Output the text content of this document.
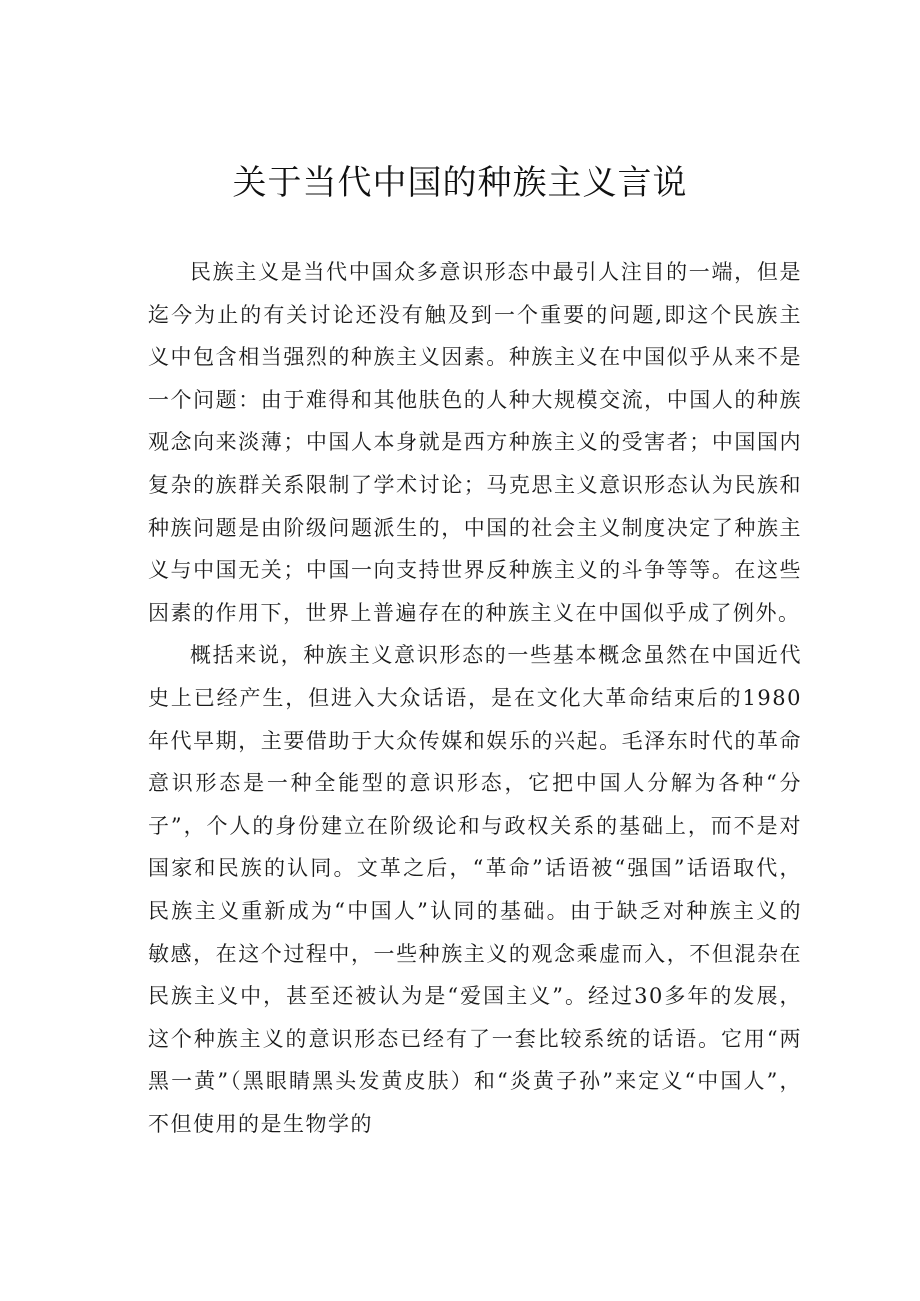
关于当代中国的种族主义言说

民族主义是当代中国众多意识形态中最引人注目的一端，但是迄今为止的有关讨论还没有触及到一个重要的问题,即这个民族主义中包含相当强烈的种族主义因素。种族主义在中国似乎从来不是一个问题：由于难得和其他肤色的人种大规模交流，中国人的种族观念向来淡薄；中国人本身就是西方种族主义的受害者；中国国内复杂的族群关系限制了学术讨论；马克思主义意识形态认为民族和种族问题是由阶级问题派生的，中国的社会主义制度决定了种族主义与中国无关；中国一向支持世界反种族主义的斗争等等。在这些因素的作用下，世界上普遍存在的种族主义在中国似乎成了例外。

概括来说，种族主义意识形态的一些基本概念虽然在中国近代史上已经产生，但进入大众话语，是在文化大革命结束后的1980年代早期，主要借助于大众传媒和娱乐的兴起。毛泽东时代的革命意识形态是一种全能型的意识形态，它把中国人分解为各种“分子”，个人的身份建立在阶级论和与政权关系的基础上，而不是对国家和民族的认同。文革之后，“革命”话语被“强国”话语取代，民族主义重新成为“中国人”认同的基础。由于缺乏对种族主义的敏感，在这个过程中，一些种族主义的观念乘虚而入，不但混杂在民族主义中，甚至还被认为是“爱国主义”。经过30多年的发展，这个种族主义的意识形态已经有了一套比较系统的话语。它用“两黑一黄”（黑眼睛黑头发黄皮肤）和“炎黄子孙”来定义“中国人”，不但使用的是生物学的
